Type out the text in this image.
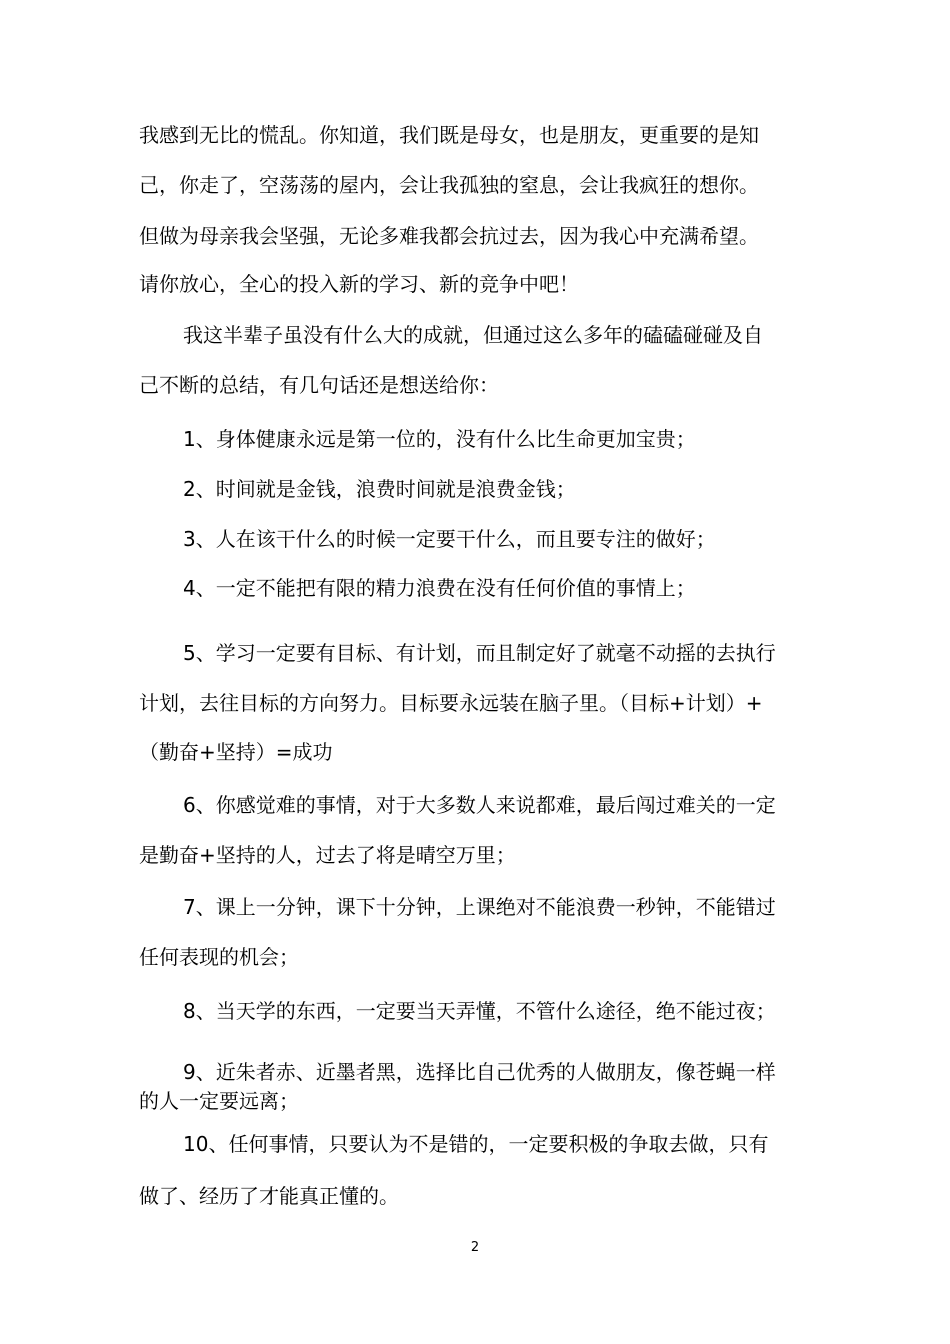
我感到无比的慌乱。你知道，我们既是母女，也是朋友，更重要的是知
己，你走了，空荡荡的屋内，会让我孤独的窒息，会让我疯狂的想你。
但做为母亲我会坚强，无论多难我都会抗过去，因为我心中充满希望。
请你放心，全心的投入新的学习、新的竞争中吧！
我这半辈子虽没有什么大的成就，但通过这么多年的磕磕碰碰及自
己不断的总结，有几句话还是想送给你：
1、身体健康永远是第一位的，没有什么比生命更加宝贵；
2、时间就是金钱，浪费时间就是浪费金钱；
3、人在该干什么的时候一定要干什么，而且要专注的做好；
4、一定不能把有限的精力浪费在没有任何价值的事情上；
5、学习一定要有目标、有计划，而且制定好了就毫不动摇的去执行
计划，去往目标的方向努力。目标要永远装在脑子里。（目标+计划）+
（勤奋+坚持）=成功
6、你感觉难的事情，对于大多数人来说都难，最后闯过难关的一定
是勤奋+坚持的人，过去了将是晴空万里；
7、课上一分钟，课下十分钟，上课绝对不能浪费一秒钟，不能错过
任何表现的机会；
8、当天学的东西，一定要当天弄懂，不管什么途径，绝不能过夜；
9、近朱者赤、近墨者黑，选择比自己优秀的人做朋友，像苍蝇一样
的人一定要远离；
10、任何事情，只要认为不是错的，一定要积极的争取去做，只有
做了、经历了才能真正懂的。
2
